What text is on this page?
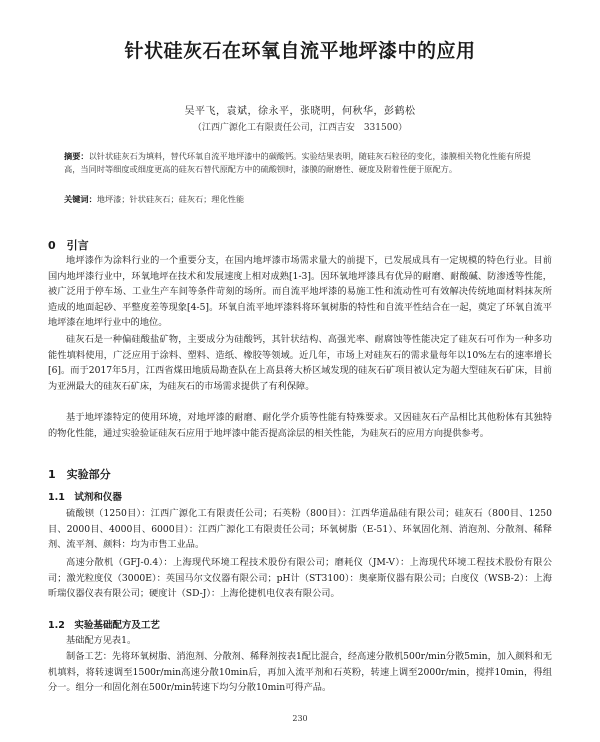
针状硅灰石在环氧自流平地坪漆中的应用
吴平飞，袁斌，徐永平，张晓明，何秋华，彭鹤松
（江西广源化工有限责任公司，江西吉安　331500）
摘要：以针状硅灰石为填料，替代环氧自流平地坪漆中的碳酸钙。实验结果表明，随硅灰石粒径的变化，漆膜相关物化性能有所提高，当同时等细度或细度更高的硅灰石替代原配方中的硫酸钡时，漆膜的耐磨性、硬度及附着性便于原配方。
关键词：地坪漆；针状硅灰石；硅灰石；理化性能
0　引言
地坪漆作为涂料行业的一个重要分支，在国内地坪漆市场需求量大的前提下，已发展成具有一定规模的特色行业。目前国内地坪漆行业中，环氧地坪在技术和发展速度上相对成熟[1-3]。因环氧地坪漆具有优异的耐磨、耐酸碱、防渗透等性能，被广泛用于停车场、工业生产车间等条件苛刻的场所。而自流平地坪漆的易施工性和流动性可有效解决传统地面材料抹灰所造成的地面起砂、平整度差等现象[4-5]。环氧自流平地坪漆料将环氧树脂的特性和自流平性结合在一起，奠定了环氧自流平地坪漆在地坪行业中的地位。
硅灰石是一种偏硅酸盐矿物，主要成分为硅酸钙，其针状结构、高强光率、耐腐蚀等性能决定了硅灰石可作为一种多功能性填料使用，广泛应用于涂料、塑料、造纸、橡胶等领域。近几年，市场上对硅灰石的需求量每年以10%左右的速率增长[6]。而于2017年5月，江西省煤田地质局勘查队在上高县蒋大桥区域发现的硅灰石矿项目被认定为超大型硅灰石矿床，目前为亚洲最大的硅灰石矿床，为硅灰石的市场需求提供了有利保障。
基于地坪漆特定的使用环境，对地坪漆的耐磨、耐化学介质等性能有特殊要求。又因硅灰石产品相比其他粉体有其独特的物化性能，通过实验验证硅灰石应用于地坪漆中能否提高涂层的相关性能，为硅灰石的应用方向提供参考。
1　实验部分
1.1　试剂和仪器
硫酸钡（1250目）：江西广源化工有限责任公司；石英粉（800目）：江西华道晶硅有限公司；硅灰石（800目、1250目、2000目、4000目、6000目）：江西广源化工有限责任公司；环氧树脂（E-51）、环氧固化剂、消泡剂、分散剂、稀释剂、流平剂、颜料：均为市售工业品。
高速分散机（GFJ-0.4）：上海现代环境工程技术股份有限公司；磨耗仪（JM-V）：上海现代环境工程技术股份有限公司；激光粒度仪（3000E）：英国马尔文仪器有限公司；pH计（ST3100）：奥豪斯仪器有限公司；白度仪（WSB-2）：上海昕瑞仪器仪表有限公司；硬度计（SD-J）：上海伦捷机电仪表有限公司。
1.2　实验基础配方及工艺
基础配方见表1。
制备工艺：先将环氧树脂、消泡剂、分散剂、稀释剂按表1配比混合，经高速分散机500r/min分散5min，加入颜料和无机填料，将转速调至1500r/min高速分散10min后，再加入流平剂和石英粉，转速上调至2000r/min，搅拌10min，得组分一。组分一和固化剂在500r/min转速下均匀分散10min可得产品。
230
